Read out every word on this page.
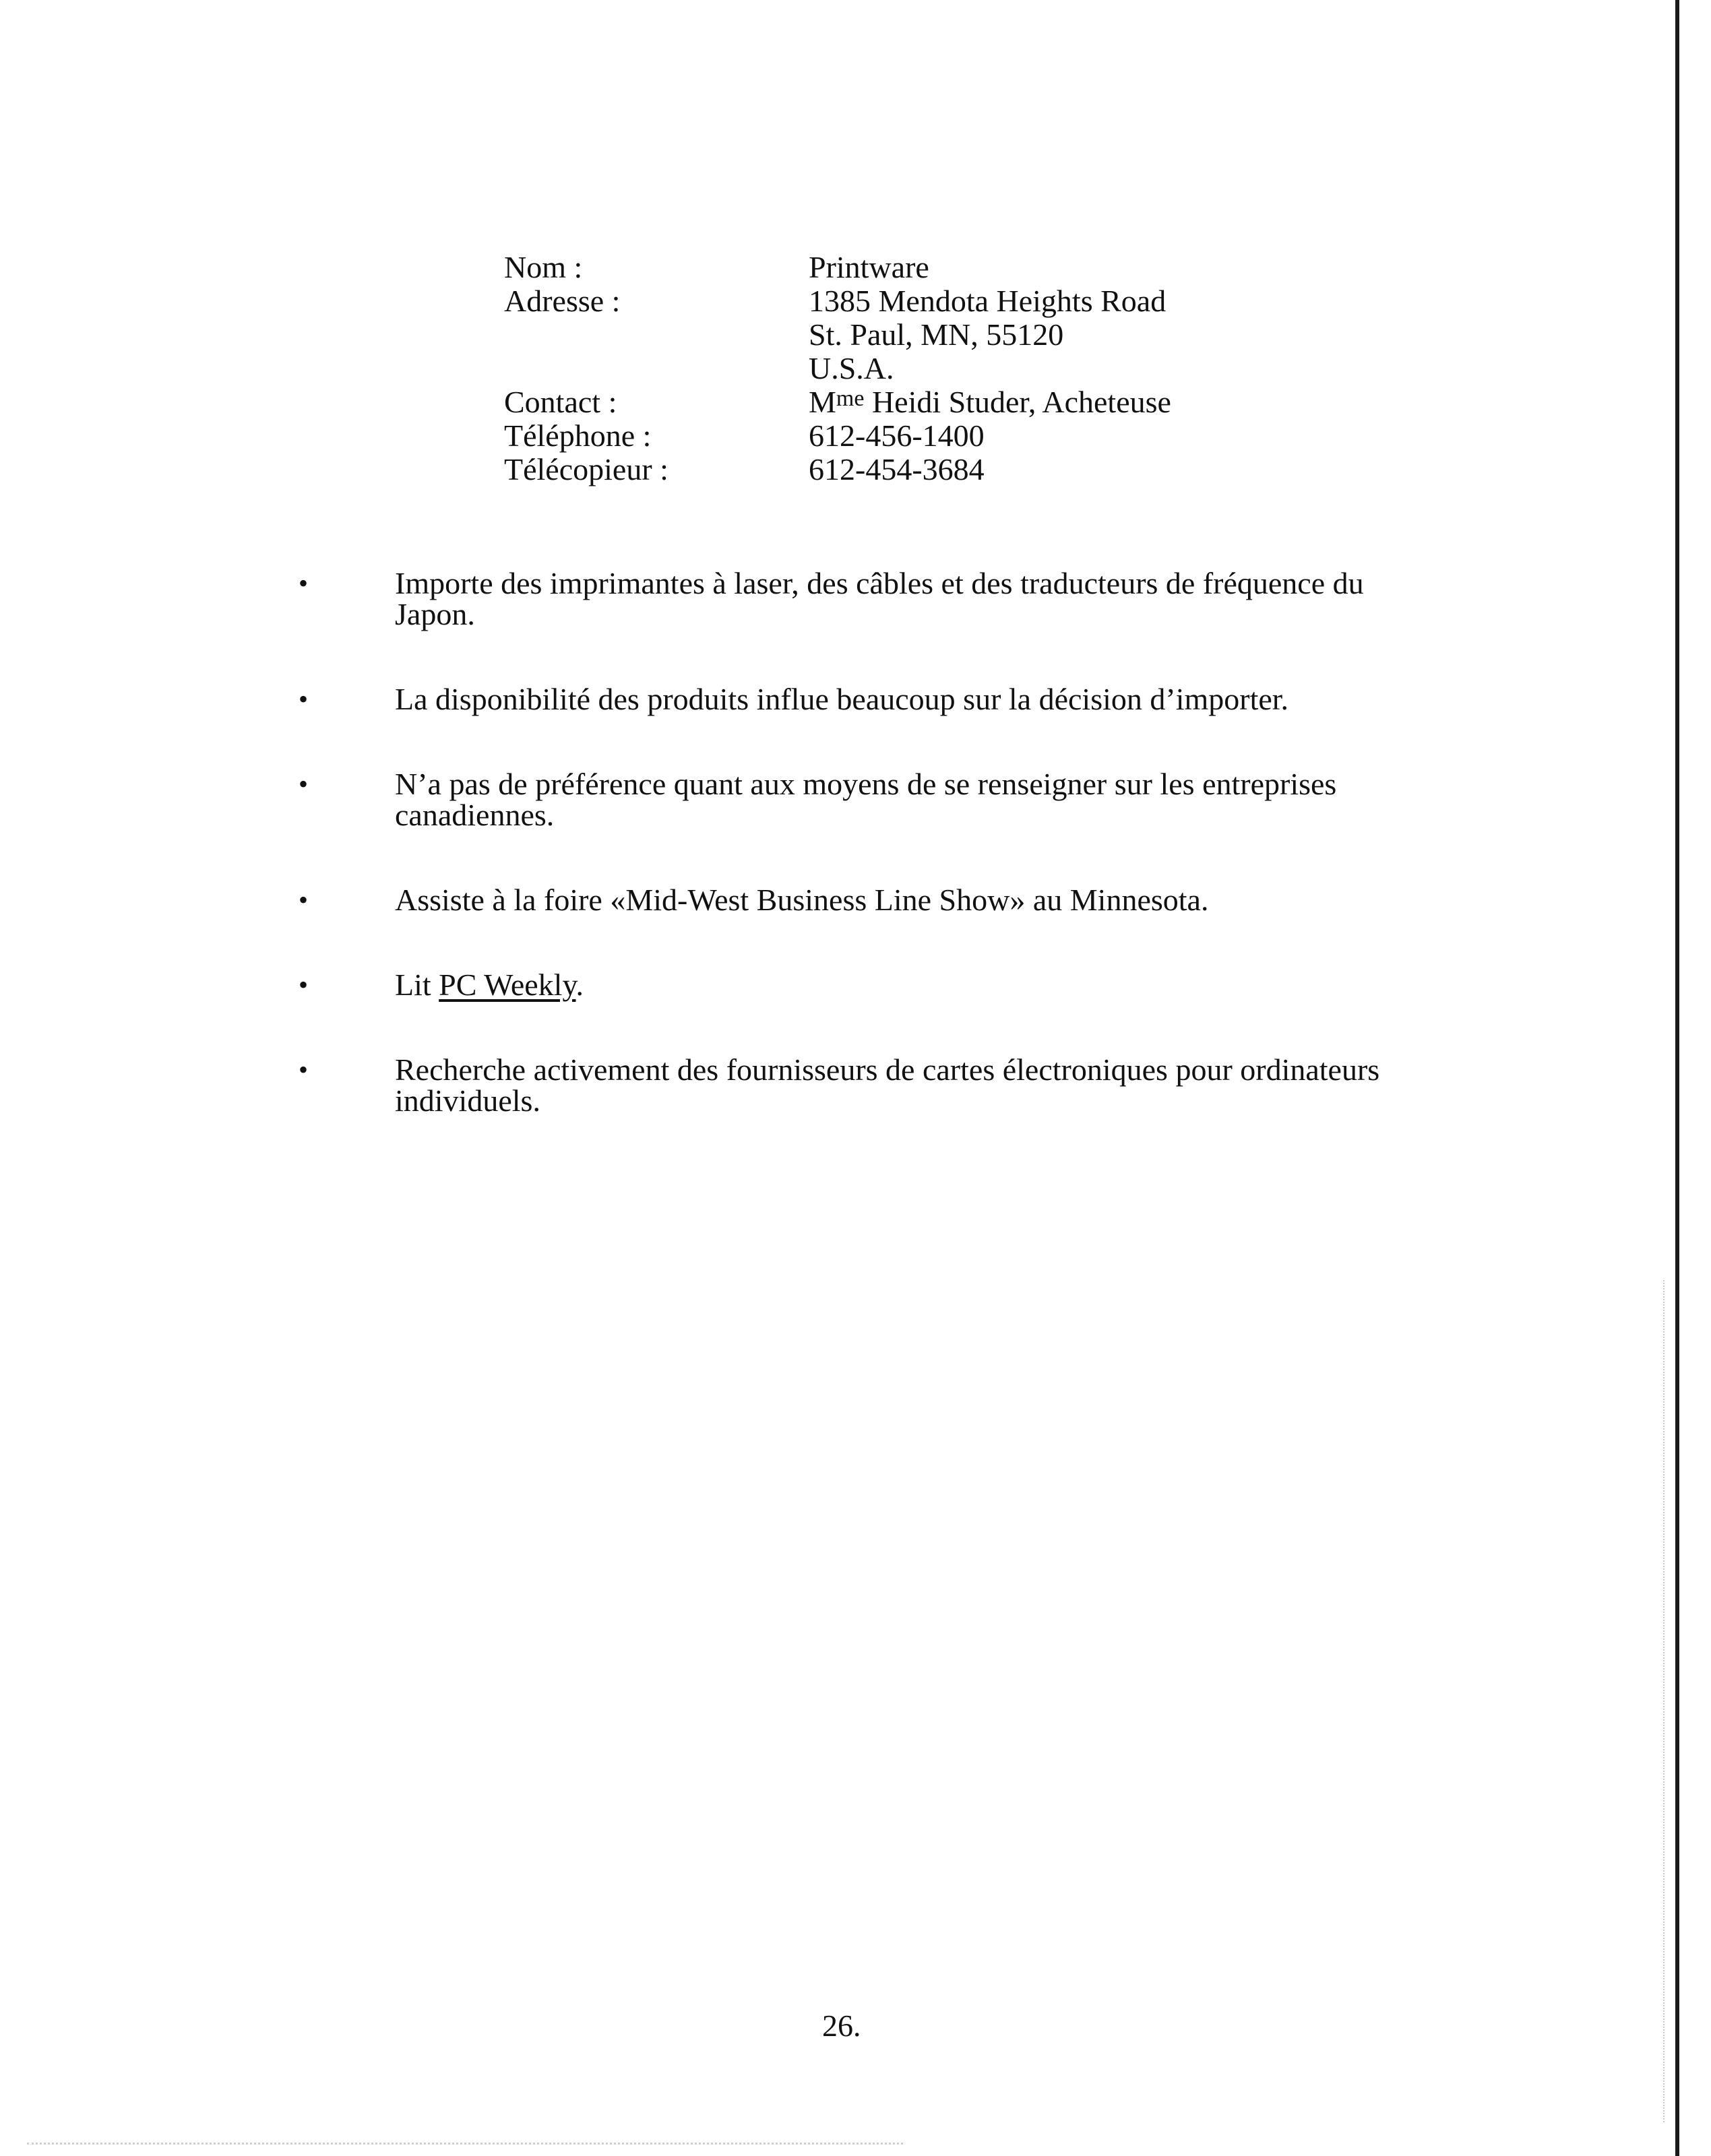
Nom :	Printware
Adresse :	1385 Mendota Heights Road
St. Paul, MN, 55120
U.S.A.
Contact :	$M^{me}$ Heidi Studer, Acheteuse
Téléphone :	612-456-1400
Télécopieur :	612-454-3684
•	Importe des imprimantes à laser, des câbles et des traducteurs de fréquence du
Japon.
•	La disponibilité des produits influe beaucoup sur la décision d’importer.
•	N’a pas de préférence quant aux moyens de se renseigner sur les entreprises
canadiennes.
•	Assiste à la foire «Mid-West Business Line Show» au Minnesota.
•	Lit PC Weekly.
•	Recherche activement des fournisseurs de cartes électroniques pour ordinateurs
individuels.
26.
